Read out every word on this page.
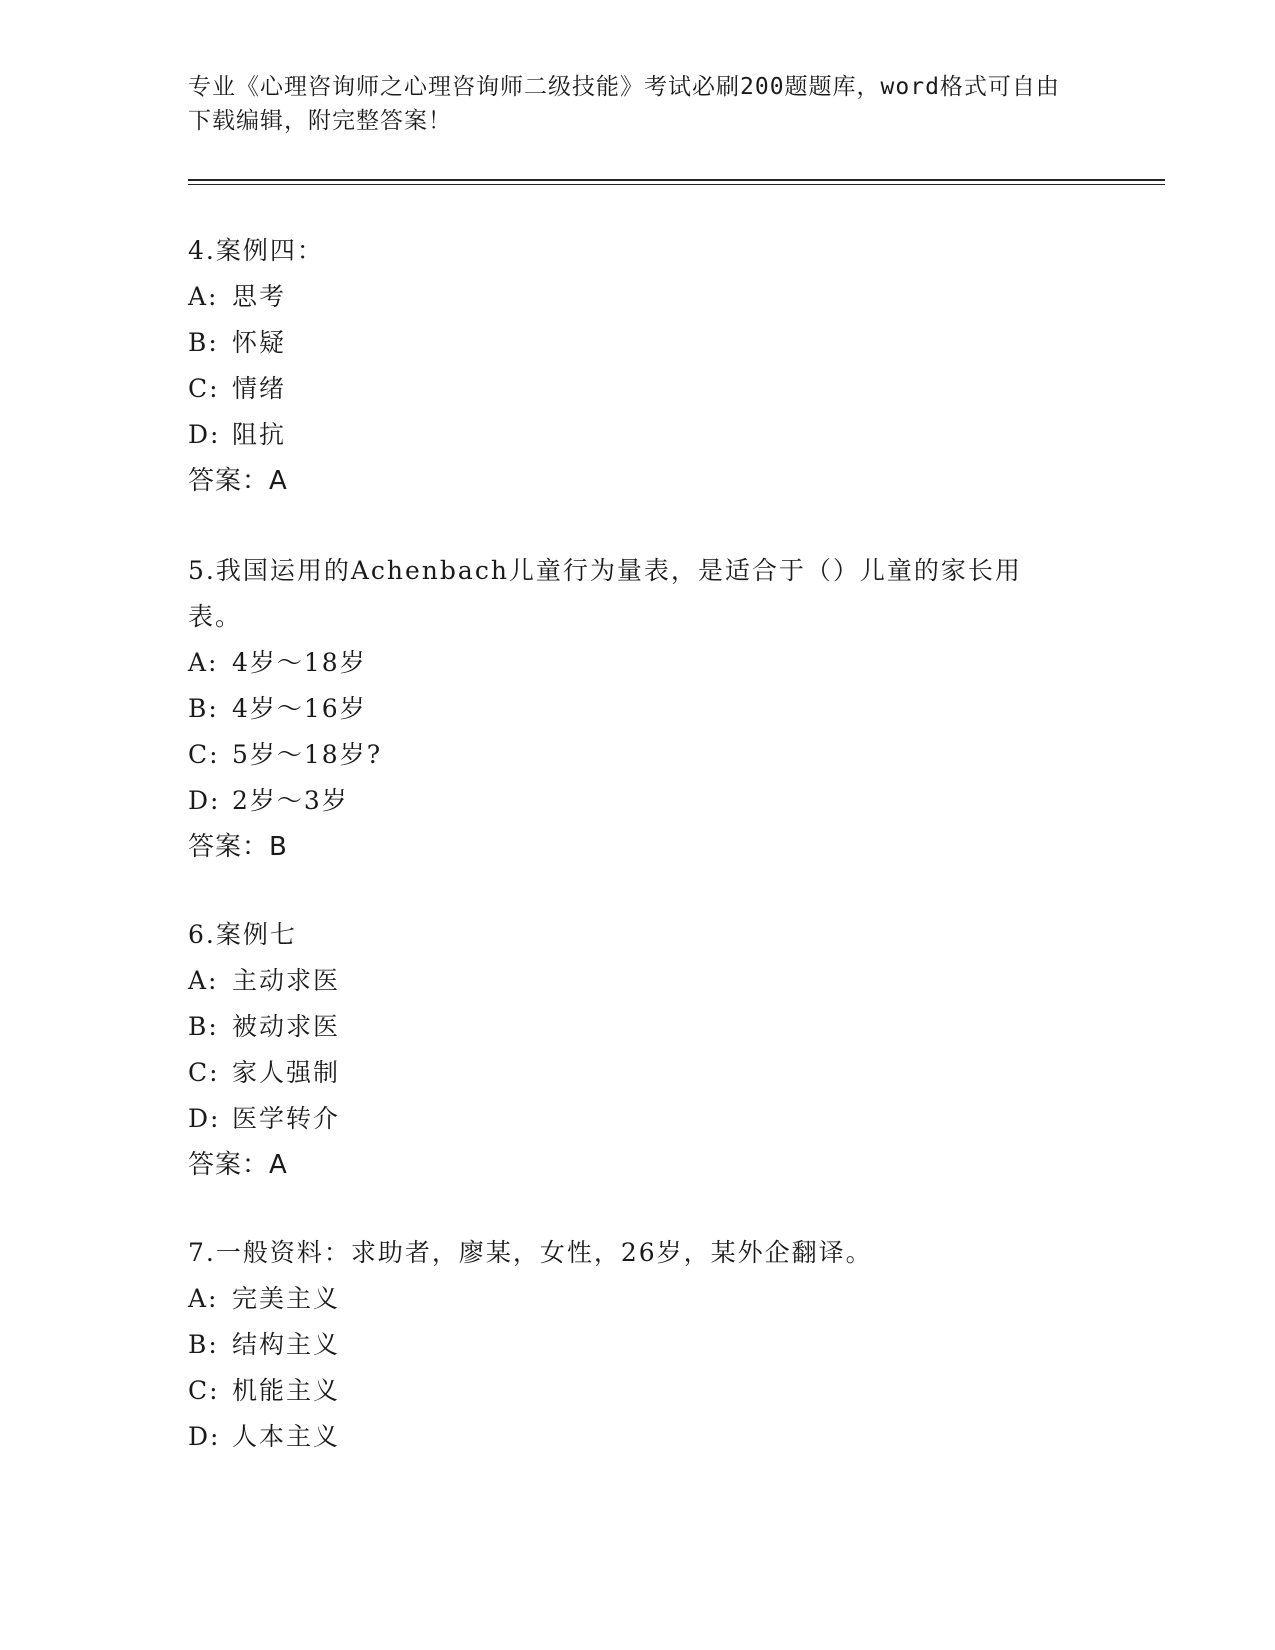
专业《心理咨询师之心理咨询师二级技能》考试必刷200题题库，word格式可自由下载编辑，附完整答案！
4.案例四：
A: 思考
B: 怀疑
C: 情绪
D: 阻抗
答案：A
5.我国运用的Achenbach儿童行为量表，是适合于（）儿童的家长用表。
A: 4岁～18岁
B: 4岁～16岁
C: 5岁～18岁?
D: 2岁～3岁
答案：B
6.案例七
A: 主动求医
B: 被动求医
C: 家人强制
D: 医学转介
答案：A
7.一般资料：求助者，廖某，女性，26岁，某外企翻译。
A: 完美主义
B: 结构主义
C: 机能主义
D: 人本主义
